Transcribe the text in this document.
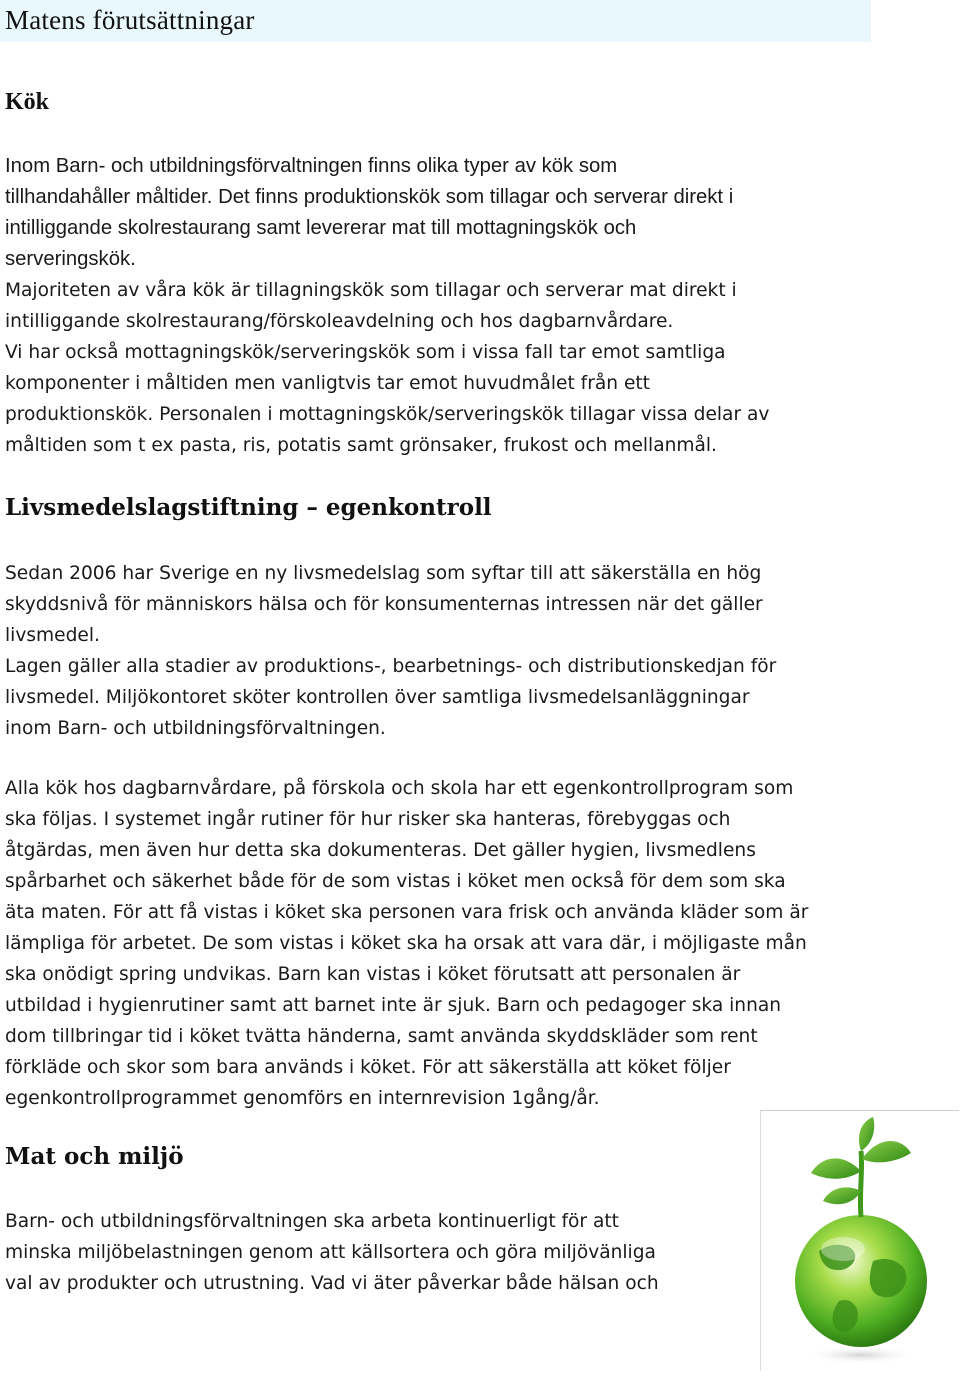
Matens förutsättningar
Kök
Inom Barn- och utbildningsförvaltningen finns olika typer av kök som
tillhandahåller måltider. Det finns produktionskök som tillagar och serverar direkt i
intilliggande skolrestaurang samt levererar mat till mottagningskök och
serveringskök.
Majoriteten av våra kök är tillagningskök som tillagar och serverar mat direkt i
intilliggande skolrestaurang/förskoleavdelning och hos dagbarnvårdare.
Vi har också mottagningskök/serveringskök som i vissa fall tar emot samtliga
komponenter i måltiden men vanligtvis tar emot huvudmålet från ett
produktionskök. Personalen i mottagningskök/serveringskök tillagar vissa delar av
måltiden som t ex pasta, ris, potatis samt grönsaker, frukost och mellanmål.
Livsmedelslagstiftning – egenkontroll
Sedan 2006 har Sverige en ny livsmedelslag som syftar till att säkerställa en hög
skyddsnivå för människors hälsa och för konsumenternas intressen när det gäller
livsmedel.
Lagen gäller alla stadier av produktions-, bearbetnings- och distributionskedjan för
livsmedel. Miljökontoret sköter kontrollen över samtliga livsmedelsanläggningar
inom Barn- och utbildningsförvaltningen.
Alla kök hos dagbarnvårdare, på förskola och skola har ett egenkontrollprogram som
ska följas. I systemet ingår rutiner för hur risker ska hanteras, förebyggas och
åtgärdas, men även hur detta ska dokumenteras. Det gäller hygien, livsmedlens
spårbarhet och säkerhet både för de som vistas i köket men också för dem som ska
äta maten. För att få vistas i köket ska personen vara frisk och använda kläder som är
lämpliga för arbetet. De som vistas i köket ska ha orsak att vara där, i möjligaste mån
ska onödigt spring undvikas. Barn kan vistas i köket förutsatt att personalen är
utbildad i hygienrutiner samt att barnet inte är sjuk. Barn och pedagoger ska innan
dom tillbringar tid i köket tvätta händerna, samt använda skyddskläder som rent
förkläde och skor som bara används i köket. För att säkerställa att köket följer
egenkontrollprogrammet genomförs en internrevision 1gång/år.
Mat och miljö
Barn- och utbildningsförvaltningen ska arbeta kontinuerligt för att
minska miljöbelastningen genom att källsortera och göra miljövänliga
val av produkter och utrustning. Vad vi äter påverkar både hälsan och
